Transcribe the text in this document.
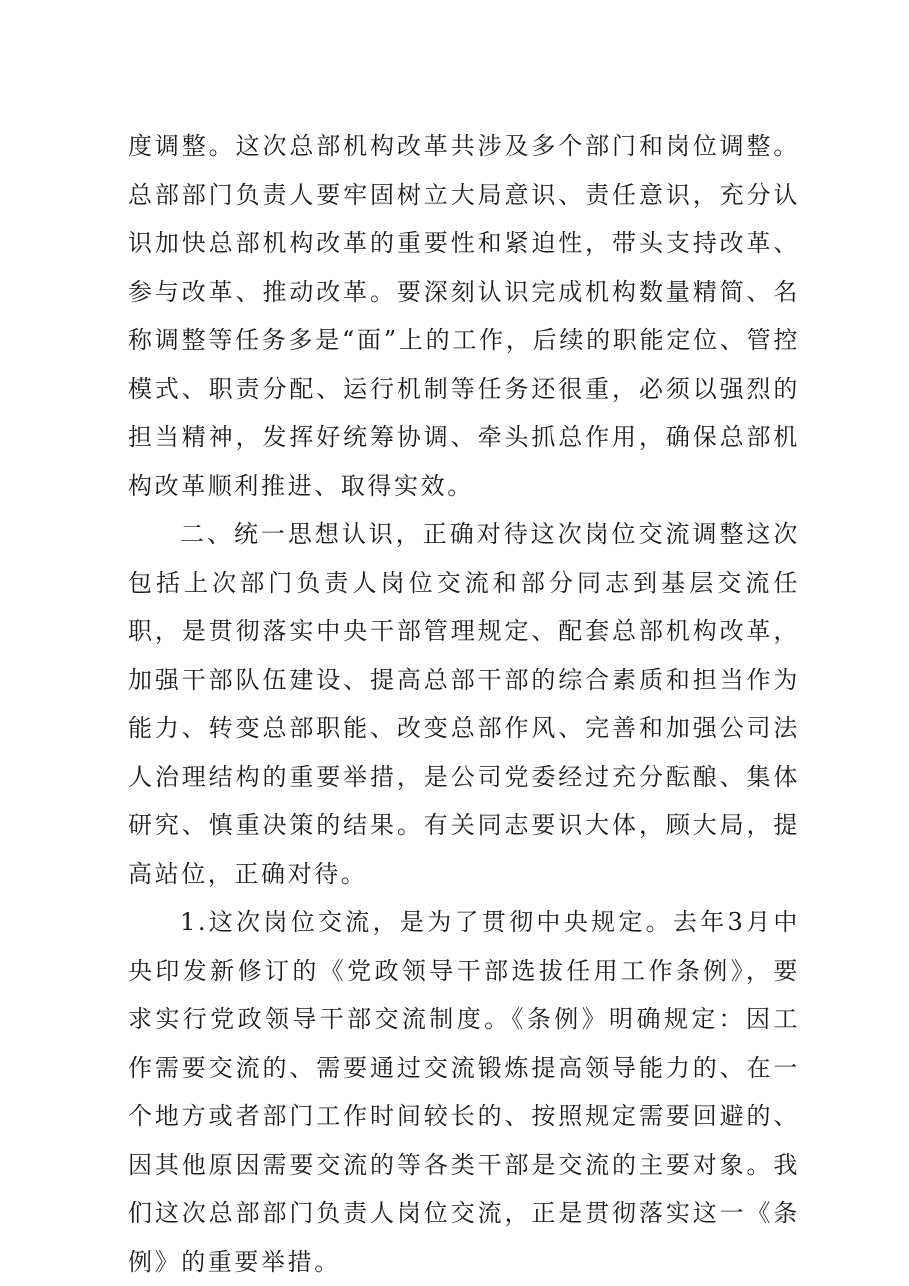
度调整。这次总部机构改革共涉及多个部门和岗位调整。总部部门负责人要牢固树立大局意识、责任意识，充分认识加快总部机构改革的重要性和紧迫性，带头支持改革、参与改革、推动改革。要深刻认识完成机构数量精简、名称调整等任务多是“面”上的工作，后续的职能定位、管控模式、职责分配、运行机制等任务还很重，必须以强烈的担当精神，发挥好统筹协调、牵头抓总作用，确保总部机构改革顺利推进、取得实效。

二、统一思想认识，正确对待这次岗位交流调整这次包括上次部门负责人岗位交流和部分同志到基层交流任职，是贯彻落实中央干部管理规定、配套总部机构改革，加强干部队伍建设、提高总部干部的综合素质和担当作为能力、转变总部职能、改变总部作风、完善和加强公司法人治理结构的重要举措，是公司党委经过充分酝酿、集体研究、慎重决策的结果。有关同志要识大体，顾大局，提高站位，正确对待。

1.这次岗位交流，是为了贯彻中央规定。去年3月中央印发新修订的《党政领导干部选拔任用工作条例》，要求实行党政领导干部交流制度。《条例》明确规定：因工作需要交流的、需要通过交流锻炼提高领导能力的、在一个地方或者部门工作时间较长的、按照规定需要回避的、因其他原因需要交流的等各类干部是交流的主要对象。我们这次总部部门负责人岗位交流，正是贯彻落实这一《条例》的重要举措。
